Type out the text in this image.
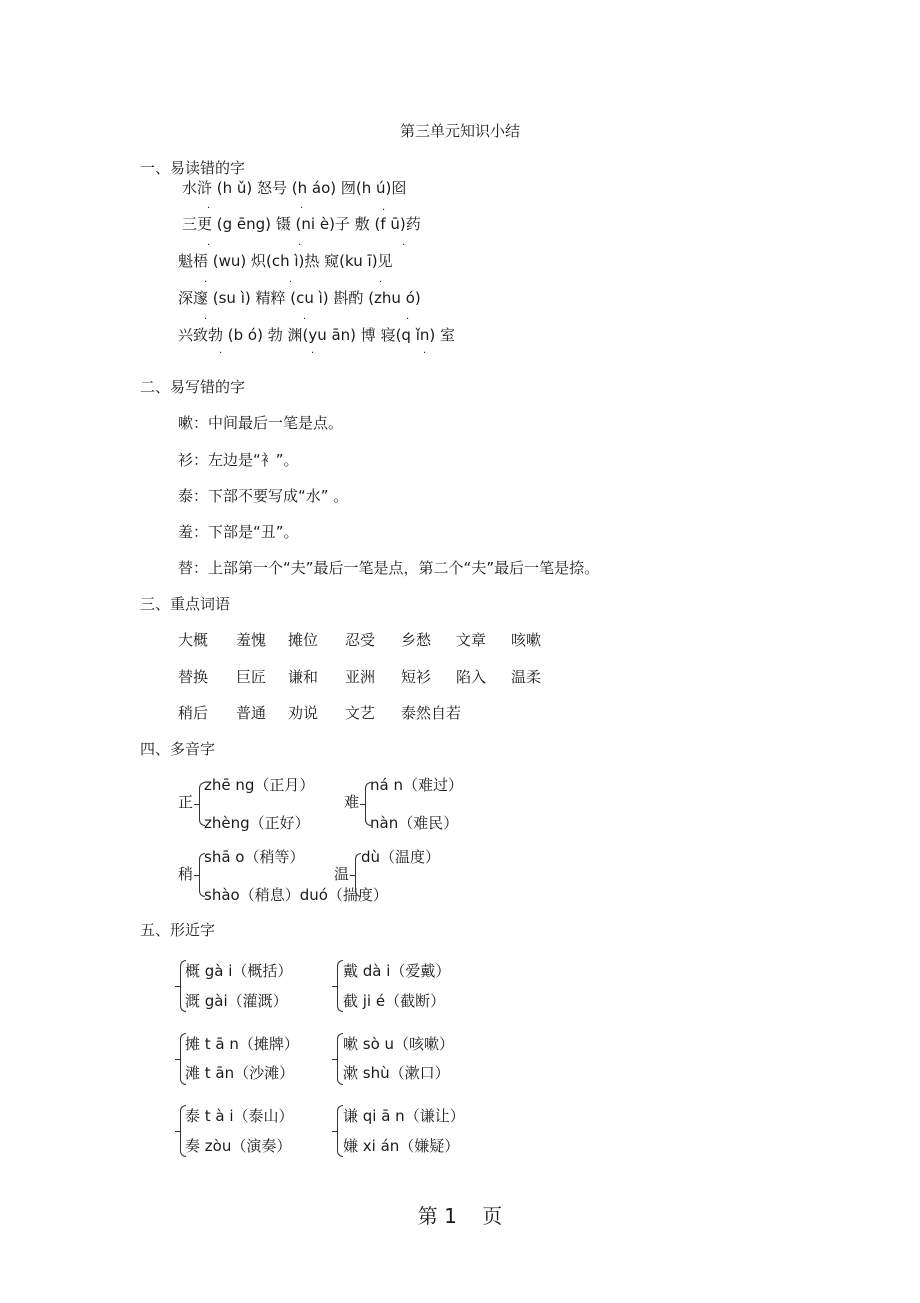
第三单元知识小结
一、易读错的字
水浒 (h ǔ) 怒号 (h áo) 囫(h ú)囵
·	·
三更 (g ēng) 镊 (ni è)子 敷 (f ū)药
·
·	·	·
魁梧 (wu) 炽(ch ì)热 窥(ku ī)见
·	·	·
深邃 (su ì) 精粹 (cu ì) 斟酌 (zhu ó)
·	·	·
兴致勃 (b ó) 勃 渊(yu ān) 博 寝(q ǐn) 室
·	·	·
二、易写错的字
嗽：中间最后一笔是点。
衫：左边是“衤”。
泰：下部不要写成“水” 。
羞：下部是“丑”。
替：上部第一个“夫”最后一笔是点，第二个“夫”最后一笔是捺。
三、重点词语
大概 羞愧 摊位 忍受 乡愁 文章 咳嗽
替换 巨匠 谦和 亚洲 短衫 陷入 温柔
稍后 普通 劝说 文艺 泰然自若
四、多音字
正
zhē ng（正月）
zhèng（正好）
难
ná n（难过）
nàn（难民）
稍
shā o（稍等）
shào（稍息）duó（揣度）
温
dù（温度）
五、形近字
概 gà i（概括）
溉 gài（灌溉）
戴 dà i（爱戴）
截 ji é（截断）
摊 t ā n（摊牌）
滩 t ān（沙滩）
嗽 sò u（咳嗽）
漱 shù（漱口）
泰 t à i（泰山）
奏 zòu（演奏）
谦 qi ā n（谦让）
嫌 xi án（嫌疑）
第 1    页
